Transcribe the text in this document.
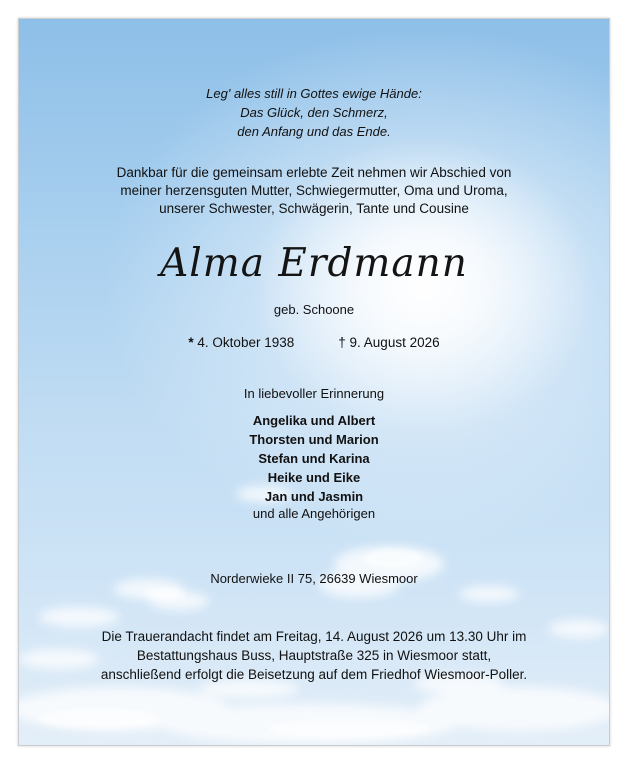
Leg' alles still in Gottes ewige Hände:

Das Glück, den Schmerz,

den Anfang und das Ende.

Dankbar für die gemeinsam erlebte Zeit nehmen wir Abschied von

meiner herzensguten Mutter, Schwiegermutter, Oma und Uroma,

unserer Schwester, Schwägerin, Tante und Cousine

Alma Erdmann
geb. Schoone
* 4. Oktober 1938	† 9. August 2026
In liebevoller Erinnerung

Angelika und Albert

Thorsten und Marion

Stefan und Karina

Heike und Eike

Jan und Jasmin

und alle Angehörigen
Norderwieke II 75, 26639 Wiesmoor

Die Trauerandacht findet am Freitag, 14. August 2026 um 13.30 Uhr im

Bestattungshaus Buss, Hauptstraße 325 in Wiesmoor statt,

anschließend erfolgt die Beisetzung auf dem Friedhof Wiesmoor-Poller.
